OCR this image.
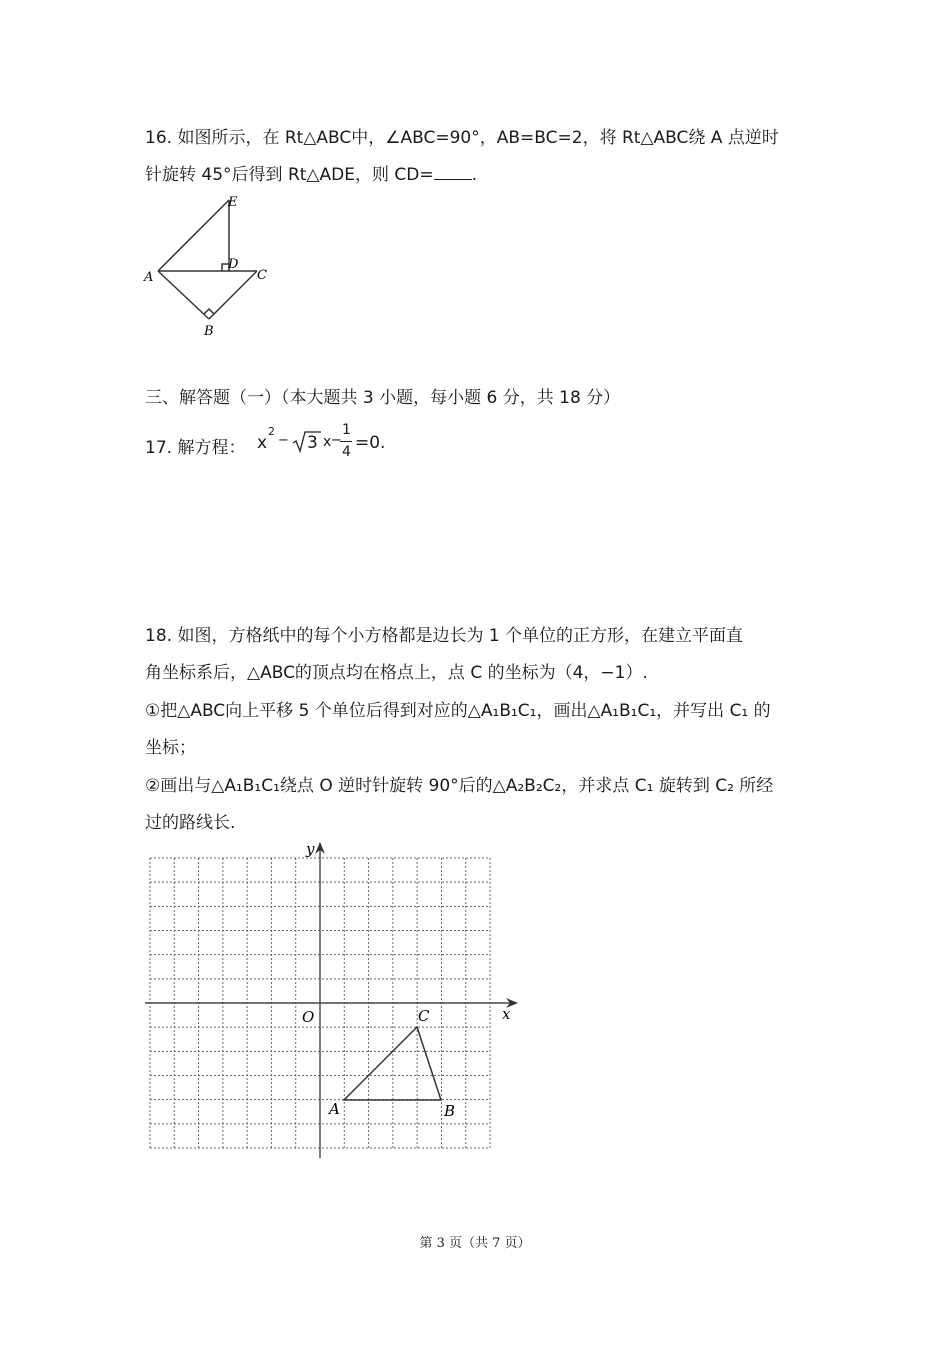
16. 如图所示，在 Rt△ABC中，∠ABC=90°，AB=BC=2，将 Rt△ABC绕 A 点逆时
针旋转 45°后得到 Rt△ADE，则 CD= .
E
D
C
A
B
三、解答题（一）（本大题共 3 小题，每小题 6 分，共 18 分）
17. 解方程： x
2
− 3 x −
1
4 =0.
18. 如图，方格纸中的每个小方格都是边长为 1 个单位的正方形，在建立平面直
角坐标系后，△ABC的顶点均在格点上，点 C 的坐标为（4，−1）.
①把△ABC向上平移 5 个单位后得到对应的△A₁B₁C₁，画出△A₁B₁C₁，并写出 C₁ 的
坐标；
②画出与△A₁B₁C₁绕点 O 逆时针旋转 90°后的△A₂B₂C₂，并求点 C₁ 旋转到 C₂ 所经
过的路线长.
x
y
O	C
A	B
第 3 页（共 7 页）
